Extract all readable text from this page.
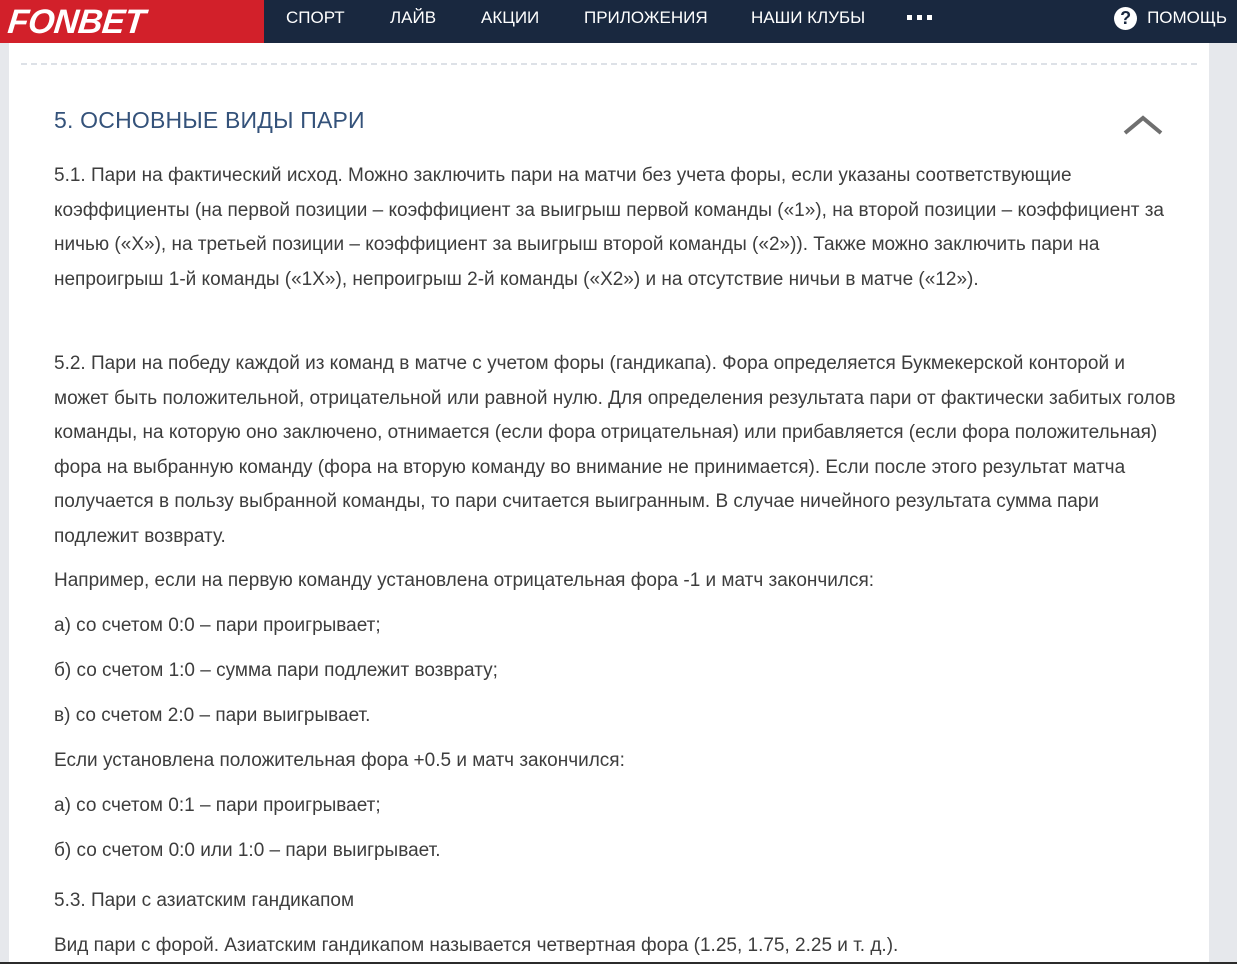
FONBET	СПОРТ	ЛАЙВ	АКЦИИ	ПРИЛОЖЕНИЯ	НАШИ КЛУБЫ	? ПОМОЩЬ
5. ОСНОВНЫЕ ВИДЫ ПАРИ

5.1. Пари на фактический исход. Можно заключить пари на матчи без учета форы, если указаны соответствующие коэффициенты (на первой позиции – коэффициент за выигрыш первой команды («1»), на второй позиции – коэффициент за ничью («Х»), на третьей позиции – коэффициент за выигрыш второй команды («2»)). Также можно заключить пари на непроигрыш 1-й команды («1Х»), непроигрыш 2-й команды («Х2») и на отсутствие ничьи в матче («12»).

5.2. Пари на победу каждой из команд в матче с учетом форы (гандикапа). Фора определяется Букмекерской конторой и может быть положительной, отрицательной или равной нулю. Для определения результата пари от фактически забитых голов команды, на которую оно заключено, отнимается (если фора отрицательная) или прибавляется (если фора положительная) фора на выбранную команду (фора на вторую команду во внимание не принимается). Если после этого результат матча получается в пользу выбранной команды, то пари считается выигранным. В случае ничейного результата сумма пари подлежит возврату.

Например, если на первую команду установлена отрицательная фора -1 и матч закончился:

а) со счетом 0:0 – пари проигрывает;

б) со счетом 1:0 – сумма пари подлежит возврату;

в) со счетом 2:0 – пари выигрывает.

Если установлена положительная фора +0.5 и матч закончился:

а) со счетом 0:1 – пари проигрывает;

б) со счетом 0:0 или 1:0 – пари выигрывает.

5.3. Пари с азиатским гандикапом

Вид пари с форой. Азиатским гандикапом называется четвертная фора (1.25, 1.75, 2.25 и т. д.).
